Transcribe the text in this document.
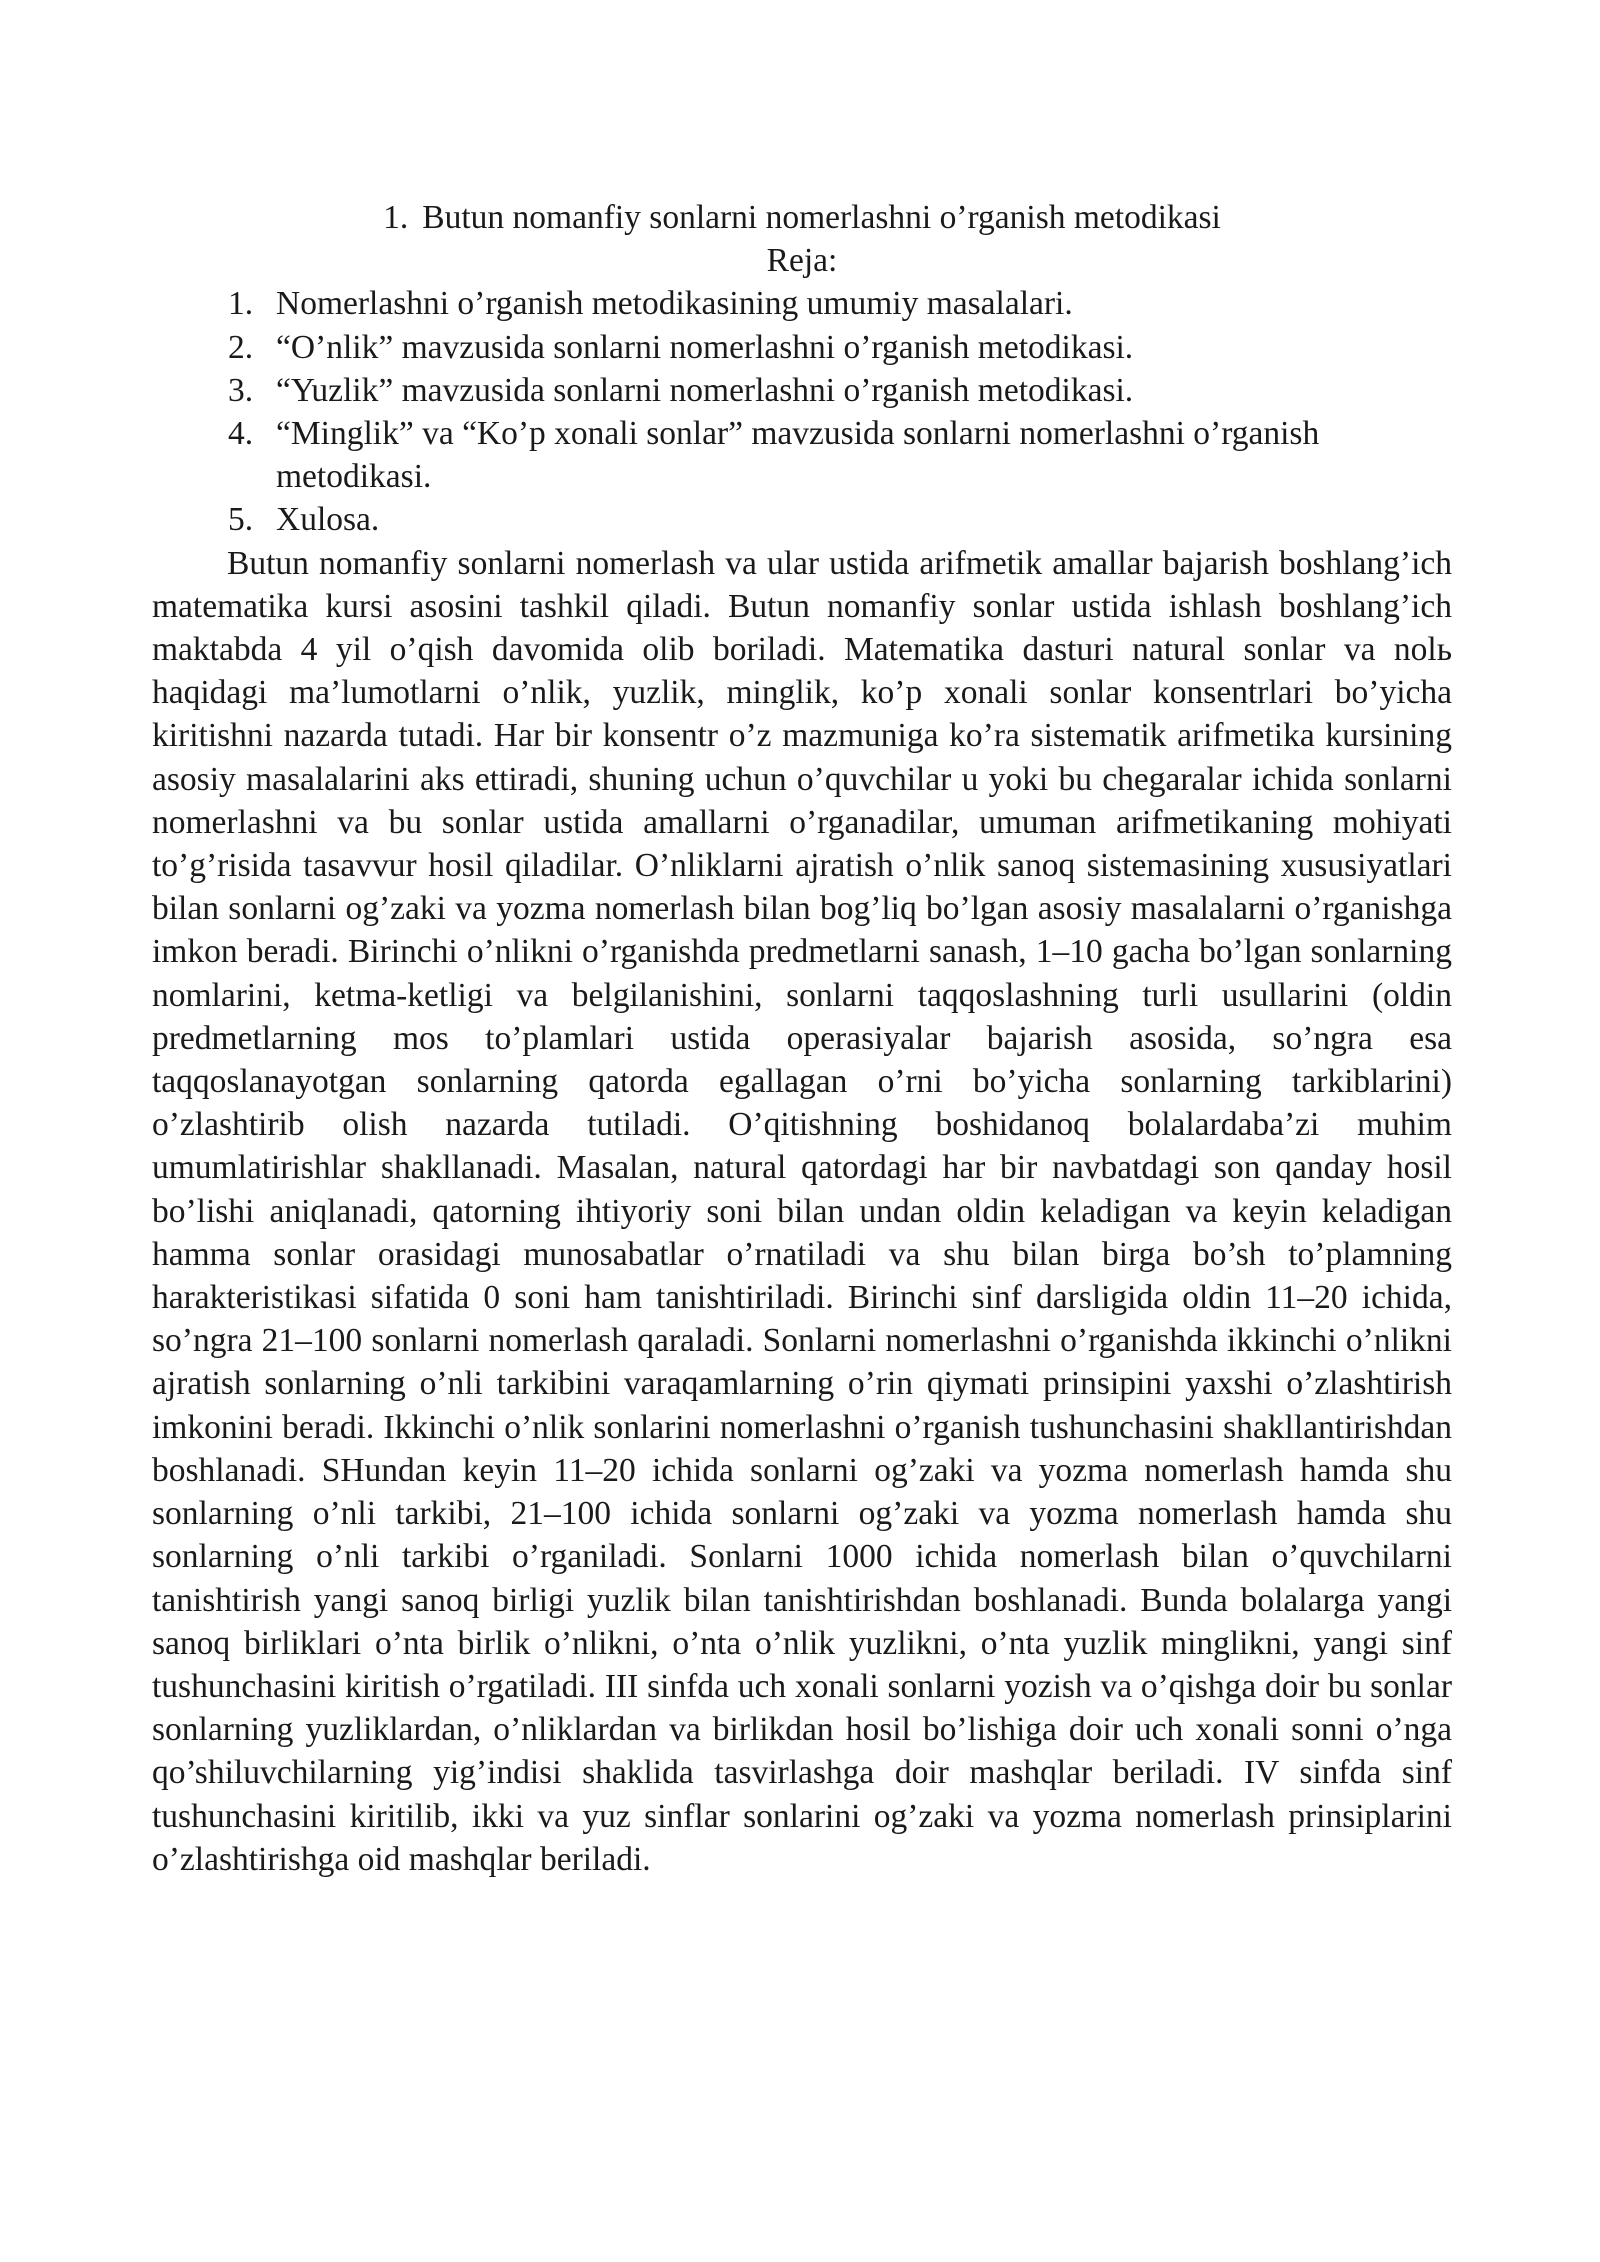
1. Butun nomanfiy sonlarni nomerlashni o’rganish metodikasi

Reja:

1. Nomerlashni o’rganish metodikasining umumiy masalalari.
2. “O’nlik” mavzusida sonlarni nomerlashni o’rganish metodikasi.
3. “Yuzlik” mavzusida sonlarni nomerlashni o’rganish metodikasi.
4. “Minglik” va “Ko’p xonali sonlar” mavzusida sonlarni nomerlashni o’rganish metodikasi.
5. Xulosa.

Butun nomanfiy sonlarni nomerlash va ular ustida arifmetik amallar bajarish boshlang’ich matematika kursi asosini tashkil qiladi. Butun nomanfiy sonlar ustida ishlash boshlang’ich maktabda 4 yil o’qish davomida olib boriladi. Matematika dasturi natural sonlar va nolь haqidagi ma’lumotlarni o’nlik, yuzlik, minglik, ko’p xonali sonlar konsentrlari bo’yicha kiritishni nazarda tutadi. Har bir konsentr o’z mazmuniga ko’ra sistematik arifmetika kursining asosiy masalalarini aks ettiradi, shuning uchun o’quvchilar u yoki bu chegaralar ichida sonlarni nomerlashni va bu sonlar ustida amallarni o’rganadilar, umuman arifmetikaning mohiyati to’g’risida tasavvur hosil qiladilar. O’nliklarni ajratish o’nlik sanoq sistemasining xususiyatlari bilan sonlarni og’zaki va yozma nomerlash bilan bog’liq bo’lgan asosiy masalalarni o’rganishga imkon beradi. Birinchi o’nlikni o’rganishda predmetlarni sanash, 1–10 gacha bo’lgan sonlarning nomlarini, ketma-ketligi va belgilanishini, sonlarni taqqoslashning turli usullarini (oldin predmetlarning mos to’plamlari ustida operasiyalar bajarish asosida, so’ngra esa taqqoslanayotgan sonlarning qatorda egallagan o’rni bo’yicha sonlarning tarkiblarini) o’zlashtirib olish nazarda tutiladi. O’qitishning boshidanoq bolalardaba’zi muhim umumlatirishlar shakllanadi. Masalan, natural qatordagi har bir navbatdagi son qanday hosil bo’lishi aniqlanadi, qatorning ihtiyoriy soni bilan undan oldin keladigan va keyin keladigan hamma sonlar orasidagi munosabatlar o’rnatiladi va shu bilan birga bo’sh to’plamning harakteristikasi sifatida 0 soni ham tanishtiriladi. Birinchi sinf darsligida oldin 11–20 ichida, so’ngra 21–100 sonlarni nomerlash qaraladi. Sonlarni nomerlashni o’rganishda ikkinchi o’nlikni ajratish sonlarning o’nli tarkibini varaqamlarning o’rin qiymati prinsipini yaxshi o’zlashtirish imkonini beradi. Ikkinchi o’nlik sonlarini nomerlashni o’rganish tushunchasini shakllantirishdan boshlanadi. SHundan keyin 11–20 ichida sonlarni og’zaki va yozma nomerlash hamda shu sonlarning o’nli tarkibi, 21–100 ichida sonlarni og’zaki va yozma nomerlash hamda shu sonlarning o’nli tarkibi o’rganiladi. Sonlarni 1000 ichida nomerlash bilan o’quvchilarni tanishtirish yangi sanoq birligi yuzlik bilan tanishtirishdan boshlanadi. Bunda bolalarga yangi sanoq birliklari o’nta birlik o’nlikni, o’nta o’nlik yuzlikni, o’nta yuzlik minglikni, yangi sinf tushunchasini kiritish o’rgatiladi. III sinfda uch xonali sonlarni yozish va o’qishga doir bu sonlar sonlarning yuzliklardan, o’nliklardan va birlikdan hosil bo’lishiga doir uch xonali sonni o’nga qo’shiluvchilarning yig’indisi shaklida tasvirlashga doir mashqlar beriladi. IV sinfda sinf tushunchasini kiritilib, ikki va yuz sinflar sonlarini og’zaki va yozma nomerlash prinsiplarini o’zlashtirishga oid mashqlar beriladi.
